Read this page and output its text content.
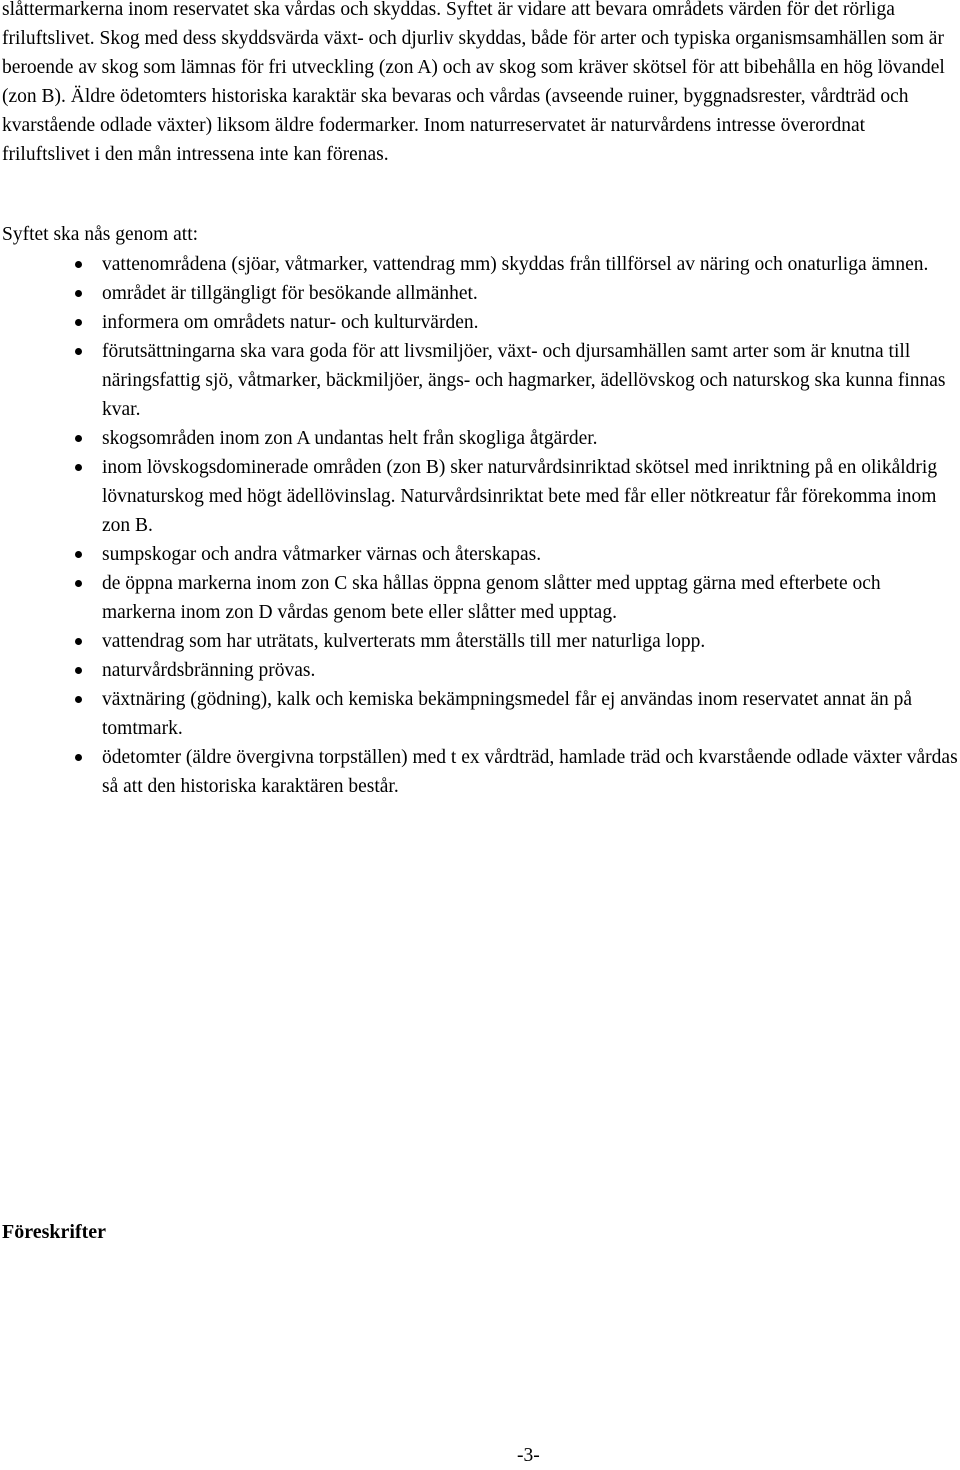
slåttermarkerna inom reservatet ska vårdas och skyddas. Syftet är vidare att bevara områdets värden för det rörliga friluftslivet. Skog med dess skyddsvärda växt- och djurliv skyddas, både för arter och typiska organismsamhällen som är beroende av skog som lämnas för fri utveckling (zon A) och av skog som kräver skötsel för att bibehålla en hög lövandel (zon B). Äldre ödetomters historiska karaktär ska bevaras och vårdas (avseende ruiner, byggnadsrester, vårdträd och kvarstående odlade växter) liksom äldre fodermarker. Inom naturreservatet är naturvårdens intresse överordnat friluftslivet i den mån intressena inte kan förenas.

Syftet ska nås genom att:

vattenområdena (sjöar, våtmarker, vattendrag mm) skyddas från tillförsel av näring och onaturliga ämnen.
området är tillgängligt för besökande allmänhet.
informera om områdets natur- och kulturvärden.
förutsättningarna ska vara goda för att livsmiljöer, växt- och djursamhällen samt arter som är knutna till näringsfattig sjö, våtmarker, bäckmiljöer, ängs- och hagmarker, ädellövskog och naturskog ska kunna finnas kvar.
skogsområden inom zon A undantas helt från skogliga åtgärder.
inom lövskogsdominerade områden (zon B) sker naturvårdsinriktad skötsel med inriktning på en olikåldrig lövnaturskog med högt ädellövinslag. Naturvårdsinriktat bete med får eller nötkreatur får förekomma inom zon B.
sumpskogar och andra våtmarker värnas och återskapas.
de öppna markerna inom zon C ska hållas öppna genom slåtter med upptag gärna med efterbete och markerna inom zon D vårdas genom bete eller slåtter med upptag.
vattendrag som har uträtats, kulverterats mm återställs till mer naturliga lopp.
naturvårdsbränning prövas.
växtnäring (gödning), kalk och kemiska bekämpningsmedel får ej användas inom reservatet annat än på tomtmark.
ödetomter (äldre övergivna torpställen) med t ex vårdträd, hamlade träd och kvarstående odlade växter vårdas så att den historiska karaktären består.
Föreskrifter

-3-
